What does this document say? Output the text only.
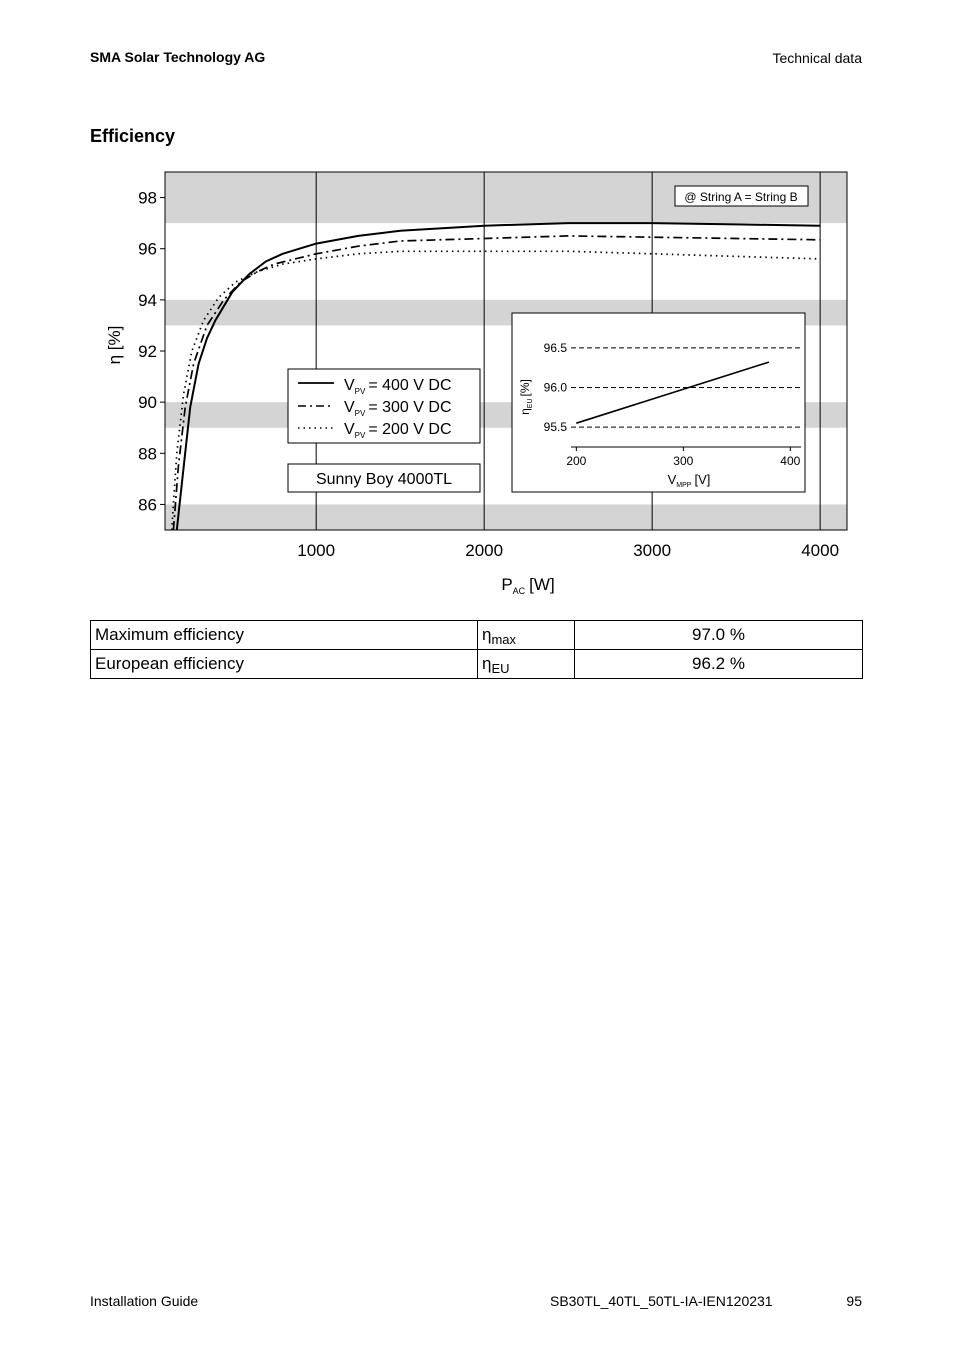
SMA Solar Technology AG	Technical data
Efficiency
86
88
90
92
94
96
98
1000	2000	3000	4000
η [%]
$P_{AC}$ [W]
@ String A = String B
$V_{PV} = 400$ V DC
$V_{PV} = 300$ V DC
$V_{PV} = 200$ V DC
Sunny Boy 4000TL
95.5
96.0
96.5
200	300	400
$\eta_{EU}[\%]$
$V_{MPP}$ [V]
Maximum efficiency	$\eta_{max}$	97.0 %
European efficiency	$\eta_{EU}$	96.2 %
Installation Guide	SB30TL_40TL_50TL-IA-IEN120231	95
